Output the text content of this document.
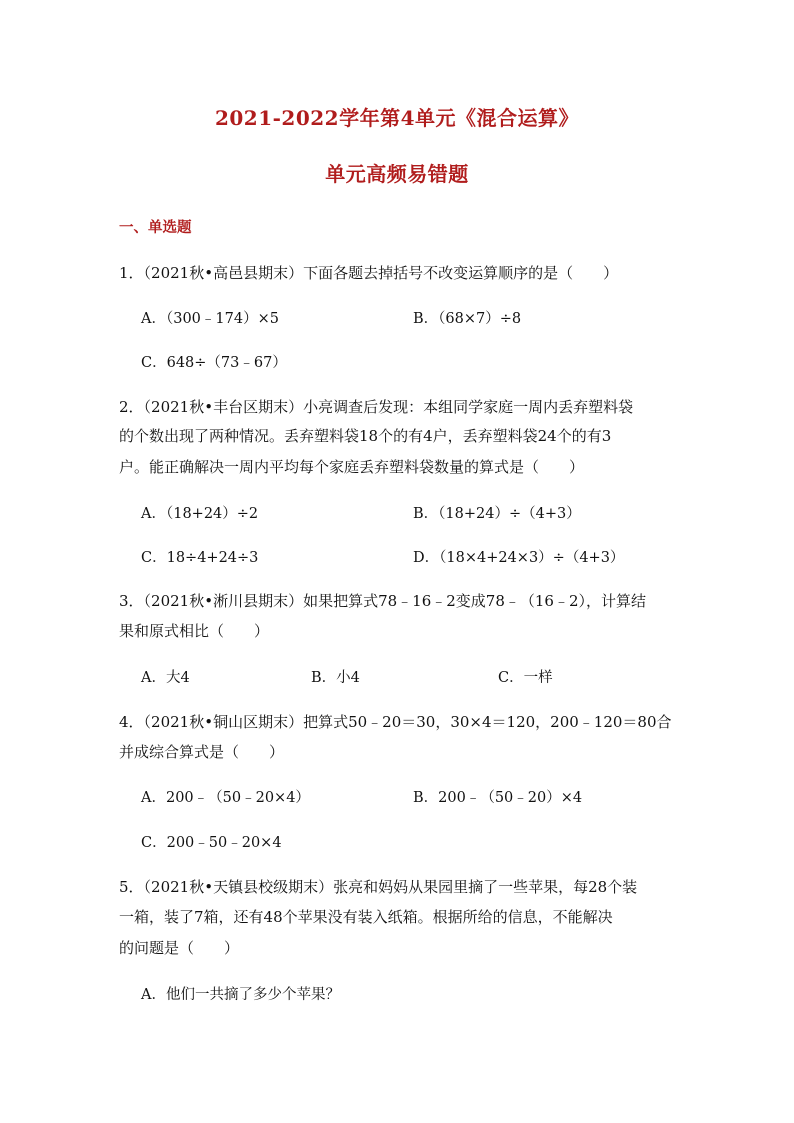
2021-2022学年第4单元《混合运算》
单元高频易错题
一、单选题
1．（2021秋•高邑县期末）下面各题去掉括号不改变运算顺序的是（　　）
A．（300﹣174）×5	B．（68×7）÷8
C．648÷（73﹣67）
2．（2021秋•丰台区期末）小亮调查后发现：本组同学家庭一周内丢弃塑料袋
的个数出现了两种情况。丢弃塑料袋18个的有4户，丢弃塑料袋24个的有3
户。能正确解决一周内平均每个家庭丢弃塑料袋数量的算式是（　　）
A．（18+24）÷2	B．（18+24）÷（4+3）
C．18÷4+24÷3	D．（18×4+24×3）÷（4+3）
3．（2021秋•淅川县期末）如果把算式78﹣16﹣2变成78﹣（16﹣2），计算结
果和原式相比（　　）
A．大4	B．小4	C．一样
4．（2021秋•铜山区期末）把算式50﹣20＝30，30×4＝120，200﹣120＝80合
并成综合算式是（　　）
A．200﹣（50﹣20×4）	B．200﹣（50﹣20）×4
C．200﹣50﹣20×4
5．（2021秋•天镇县校级期末）张亮和妈妈从果园里摘了一些苹果，每28个装
一箱，装了7箱，还有48个苹果没有装入纸箱。根据所给的信息，不能解决
的问题是（　　）
A．他们一共摘了多少个苹果？
